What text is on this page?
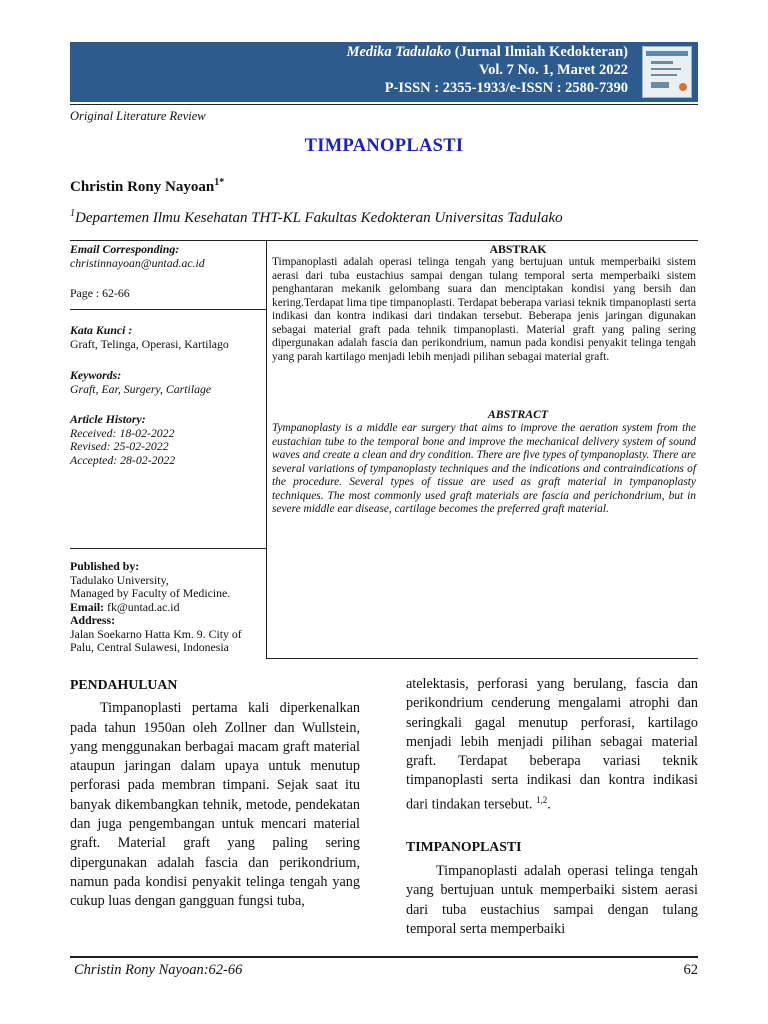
Medika Tadulako (Jurnal Ilmiah Kedokteran)
Vol. 7 No. 1, Maret 2022
P-ISSN : 2355-1933/e-ISSN : 2580-7390
Original Literature Review
TIMPANOPLASTI
Christin Rony Nayoan$^{1*}$
$^1$Departemen Ilmu Kesehatan THT-KL Fakultas Kedokteran Universitas Tadulako
Email Corresponding:
christinnayoan@untad.ac.id
Page : 62-66
Kata Kunci :
Graft, Telinga, Operasi, Kartilago
Keywords:
Graft, Ear, Surgery, Cartilage
Article History:
Received: 18-02-2022
Revised: 25-02-2022
Accepted: 28-02-2022
Published by:
Tadulako University,
Managed by Faculty of Medicine.
Email: fk@untad.ac.id
Address:
Jalan Soekarno Hatta Km. 9. City of
Palu, Central Sulawesi, Indonesia
ABSTRAK
Timpanoplasti adalah operasi telinga tengah yang bertujuan untuk memperbaiki sistem aerasi dari tuba eustachius sampai dengan tulang temporal serta memperbaiki sistem penghantaran mekanik gelombang suara dan menciptakan kondisi yang bersih dan kering.Terdapat lima tipe timpanoplasti. Terdapat beberapa variasi teknik timpanoplasti serta indikasi dan kontra indikasi dari tindakan tersebut. Beberapa jenis jaringan digunakan sebagai material graft pada tehnik timpanoplasti. Material graft yang paling sering dipergunakan adalah fascia dan perikondrium, namun pada kondisi penyakit telinga tengah yang parah kartilago menjadi lebih menjadi pilihan sebagai material graft.
ABSTRACT
Tympanoplasty is a middle ear surgery that aims to improve the aeration system from the eustachian tube to the temporal bone and improve the mechanical delivery system of sound waves and create a clean and dry condition. There are five types of tympanoplasty. There are several variations of tympanoplasty techniques and the indications and contraindications of the procedure. Several types of tissue are used as graft material in tympanoplasty techniques. The most commonly used graft materials are fascia and perichondrium, but in severe middle ear disease, cartilage becomes the preferred graft material.

PENDAHULUAN

Timpanoplasti pertama kali diperkenalkan pada tahun 1950an oleh Zollner dan Wullstein, yang menggunakan berbagai macam graft material ataupun jaringan dalam upaya untuk menutup perforasi pada membran timpani. Sejak saat itu banyak dikembangkan tehnik, metode, pendekatan dan juga pengembangan untuk mencari material graft. Material graft yang paling sering dipergunakan adalah fascia dan perikondrium, namun pada kondisi penyakit telinga tengah yang cukup luas dengan gangguan fungsi tuba,

atelektasis, perforasi yang berulang, fascia dan perikondrium cenderung mengalami atrophi dan seringkali gagal menutup perforasi, kartilago menjadi lebih menjadi pilihan sebagai material graft. Terdapat beberapa variasi teknik timpanoplasti serta indikasi dan kontra indikasi dari tindakan tersebut. $^{1,2}$.

TIMPANOPLASTI

Timpanoplasti adalah operasi telinga tengah yang bertujuan untuk memperbaiki sistem aerasi dari tuba eustachius sampai dengan tulang temporal serta memperbaiki

Christin Rony Nayoan:62-66	62
